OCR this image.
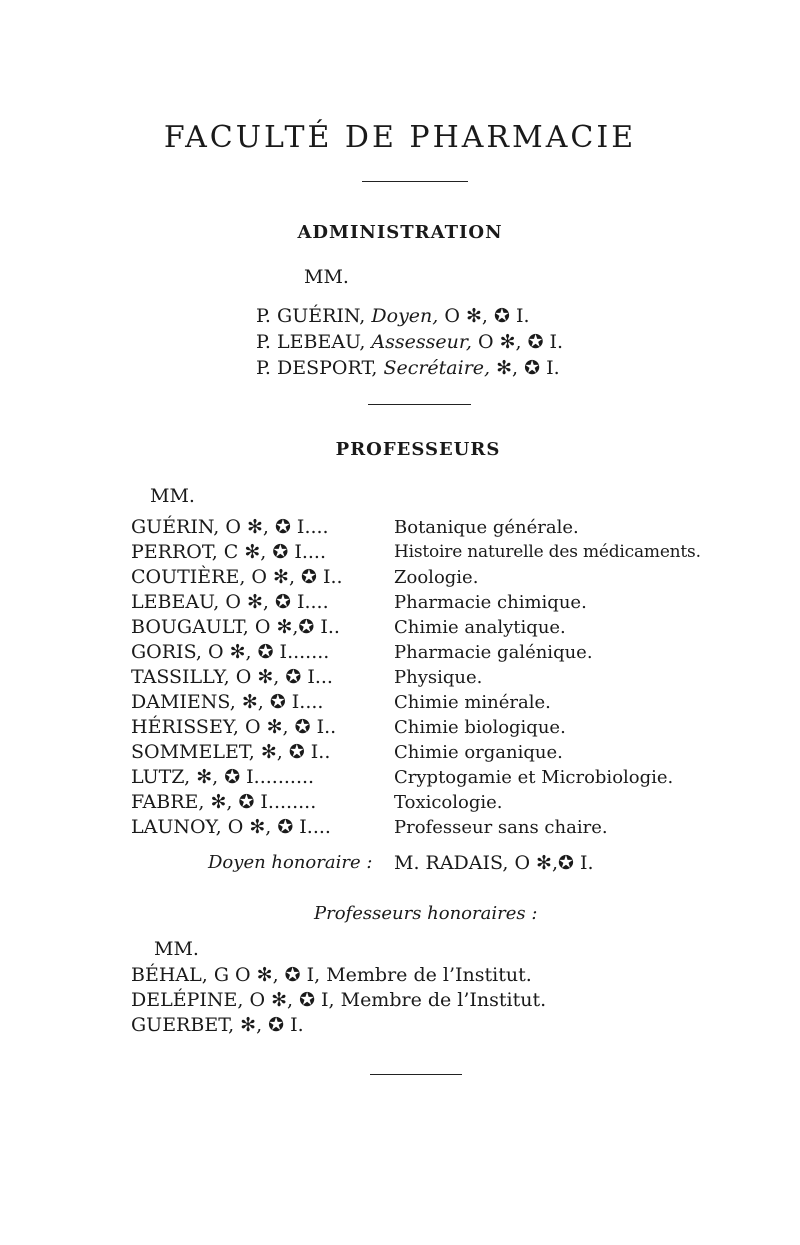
FACULTÉ DE PHARMACIE
ADMINISTRATION
MM.
P. GUÉRIN, Doyen, O ✻, ✪ I.
P. LEBEAU, Assesseur, O ✻, ✪ I.
P. DESPORT, Secrétaire, ✻, ✪ I.
PROFESSEURS
MM.
GUÉRIN, O ✻, ✪ I....	Botanique générale.
PERROT, C ✻, ✪ I....	Histoire naturelle des médicaments.
COUTIÈRE, O ✻, ✪ I..	Zoologie.
LEBEAU, O ✻, ✪ I....	Pharmacie chimique.
BOUGAULT, O ✻,✪ I..	Chimie analytique.
GORIS, O ✻, ✪ I.......	Pharmacie galénique.
TASSILLY, O ✻, ✪ I...	Physique.
DAMIENS, ✻, ✪ I....	Chimie minérale.
HÉRISSEY, O ✻, ✪ I..	Chimie biologique.
SOMMELET, ✻, ✪ I..	Chimie organique.
LUTZ, ✻, ✪ I..........	Cryptogamie et Microbiologie.
FABRE, ✻, ✪ I........	Toxicologie.
LAUNOY, O ✻, ✪ I....	Professeur sans chaire.
Doyen honoraire : M. RADAIS, O ✻,✪ I.
Professeurs honoraires :
MM.
BÉHAL, G O ✻, ✪ I, Membre de l’Institut.
DELÉPINE, O ✻, ✪ I, Membre de l’Institut.
GUERBET, ✻, ✪ I.
